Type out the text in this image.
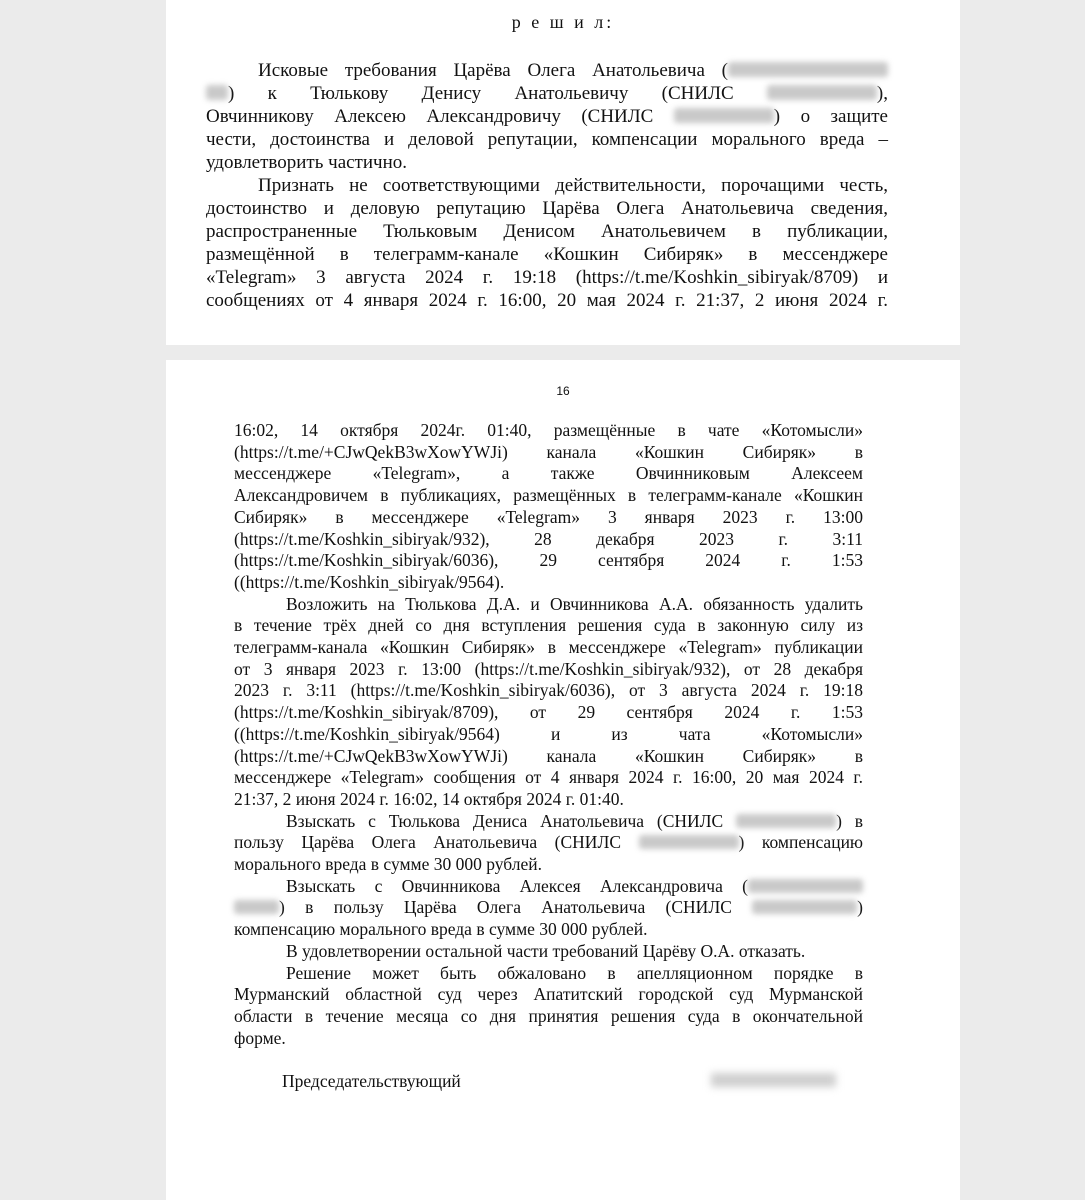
р е ш и л:
Исковые требования Царёва Олега Анатольевича (
) к Тюлькову Денису Анатольевичу (СНИЛС	),
Овчинникову Алексею Александровичу (СНИЛС	) о защите
чести, достоинства и деловой репутации, компенсации морального вреда –
удовлетворить частично.
Признать не соответствующими действительности, порочащими честь,
достоинство и деловую репутацию Царёва Олега Анатольевича сведения,
распространенные Тюльковым Денисом Анатольевичем в публикации,
размещённой в телеграмм-канале «Кошкин Сибиряк» в мессенджере
«Telegram» 3 августа 2024 г. 19:18 (https://t.me/Koshkin_sibiryak/8709) и
сообщениях от 4 января 2024 г. 16:00, 20 мая 2024 г. 21:37, 2 июня 2024 г.
16
16:02, 14 октября 2024г. 01:40, размещённые в чате «Котомысли»
(https://t.me/+CJwQekB3wXowYWJi) канала «Кошкин Сибиряк» в
мессенджере «Telegram», а также Овчинниковым Алексеем
Александровичем в публикациях, размещённых в телеграмм-канале «Кошкин
Сибиряк» в мессенджере «Telegram» 3 января 2023 г. 13:00
(https://t.me/Koshkin_sibiryak/932), 28 декабря 2023 г. 3:11
(https://t.me/Koshkin_sibiryak/6036), 29 сентября 2024 г. 1:53
((https://t.me/Koshkin_sibiryak/9564).
Возложить на Тюлькова Д.А. и Овчинникова А.А. обязанность удалить
в течение трёх дней со дня вступления решения суда в законную силу из
телеграмм-канала «Кошкин Сибиряк» в мессенджере «Telegram» публикации
от 3 января 2023 г. 13:00 (https://t.me/Koshkin_sibiryak/932), от 28 декабря
2023 г. 3:11 (https://t.me/Koshkin_sibiryak/6036), от 3 августа 2024 г. 19:18
(https://t.me/Koshkin_sibiryak/8709), от 29 сентября 2024 г. 1:53
((https://t.me/Koshkin_sibiryak/9564) и из чата «Котомысли»
(https://t.me/+CJwQekB3wXowYWJi) канала «Кошкин Сибиряк» в
мессенджере «Telegram» сообщения от 4 января 2024 г. 16:00, 20 мая 2024 г.
21:37, 2 июня 2024 г. 16:02, 14 октября 2024 г. 01:40.
Взыскать с Тюлькова Дениса Анатольевича (СНИЛС	) в
пользу Царёва Олега Анатольевича (СНИЛС	) компенсацию
морального вреда в сумме 30 000 рублей.
Взыскать с Овчинникова Алексея Александровича (
) в пользу Царёва Олега Анатольевича (СНИЛС	)
компенсацию морального вреда в сумме 30 000 рублей.
В удовлетворении остальной части требований Царёву О.А. отказать.
Решение может быть обжаловано в апелляционном порядке в
Мурманский областной суд через Апатитский городской суд Мурманской
области в течение месяца со дня принятия решения суда в окончательной
форме.
Председательствующий
